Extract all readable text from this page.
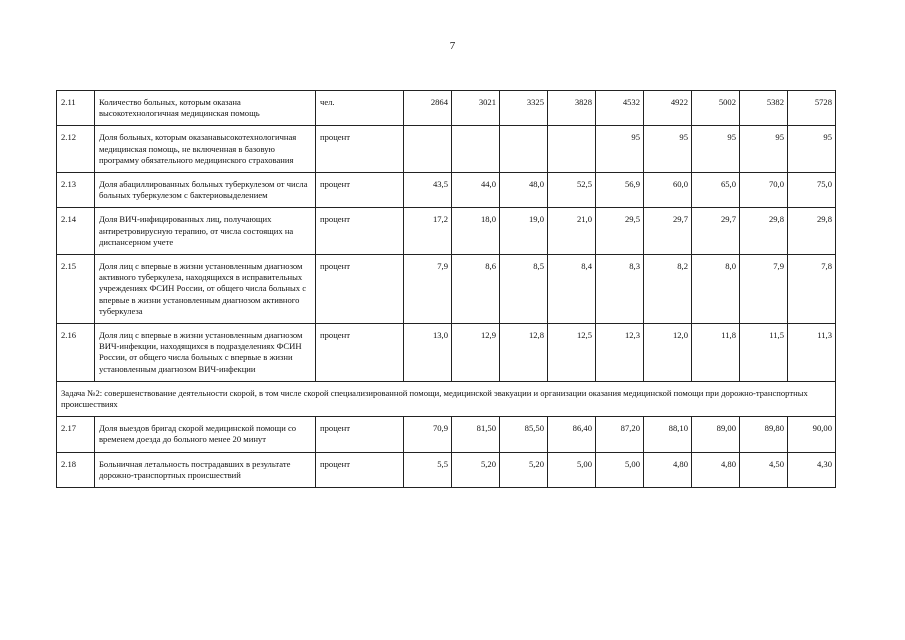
7
2.11	Количество больных, которым оказана высокотехнологичная медицинская помощь	чел.	2864	3021	3325	3828	4532	4922	5002	5382	5728
2.12	Доля больных, которым оказанавысокотехнологичная медицинская помощь, не включенная в базовую программу обязательного медицинского страхования	процент					95	95	95	95	95
2.13	Доля абациллированных больных туберкулезом от числа больных туберкулезом с бактериовыделением	процент	43,5	44,0	48,0	52,5	56,9	60,0	65,0	70,0	75,0
2.14	Доля ВИЧ-инфицированных лиц, получающих антиретровирусную терапию, от числа состоящих на диспансерном учете	процент	17,2	18,0	19,0	21,0	29,5	29,7	29,7	29,8	29,8
2.15	Доля лиц с впервые в жизни установленным диагнозом активного туберкулеза, находящихся в исправительных учреждениях ФСИН России, от общего числа больных с впервые в жизни установленным диагнозом активного туберкулеза	процент	7,9	8,6	8,5	8,4	8,3	8,2	8,0	7,9	7,8
2.16	Доля лиц с впервые в жизни установленным диагнозом ВИЧ-инфекции, находящихся в подразделениях ФСИН России, от общего числа больных с впервые в жизни установленным диагнозом ВИЧ-инфекции	процент	13,0	12,9	12,8	12,5	12,3	12,0	11,8	11,5	11,3
Задача №2: совершенствование деятельности скорой, в том числе скорой специализированной помощи, медицинской эвакуации и организации оказания медицинской помощи при дорожно-транспортных происшествиях											
2.17	Доля выездов бригад скорой медицинской помощи со временем доезда до больного менее 20 минут	процент	70,9	81,50	85,50	86,40	87,20	88,10	89,00	89,80	90,00
2.18	Больничная летальность пострадавших в результате дорожно-транспортных происшествий	процент	5,5	5,20	5,20	5,00	5,00	4,80	4,80	4,50	4,30
